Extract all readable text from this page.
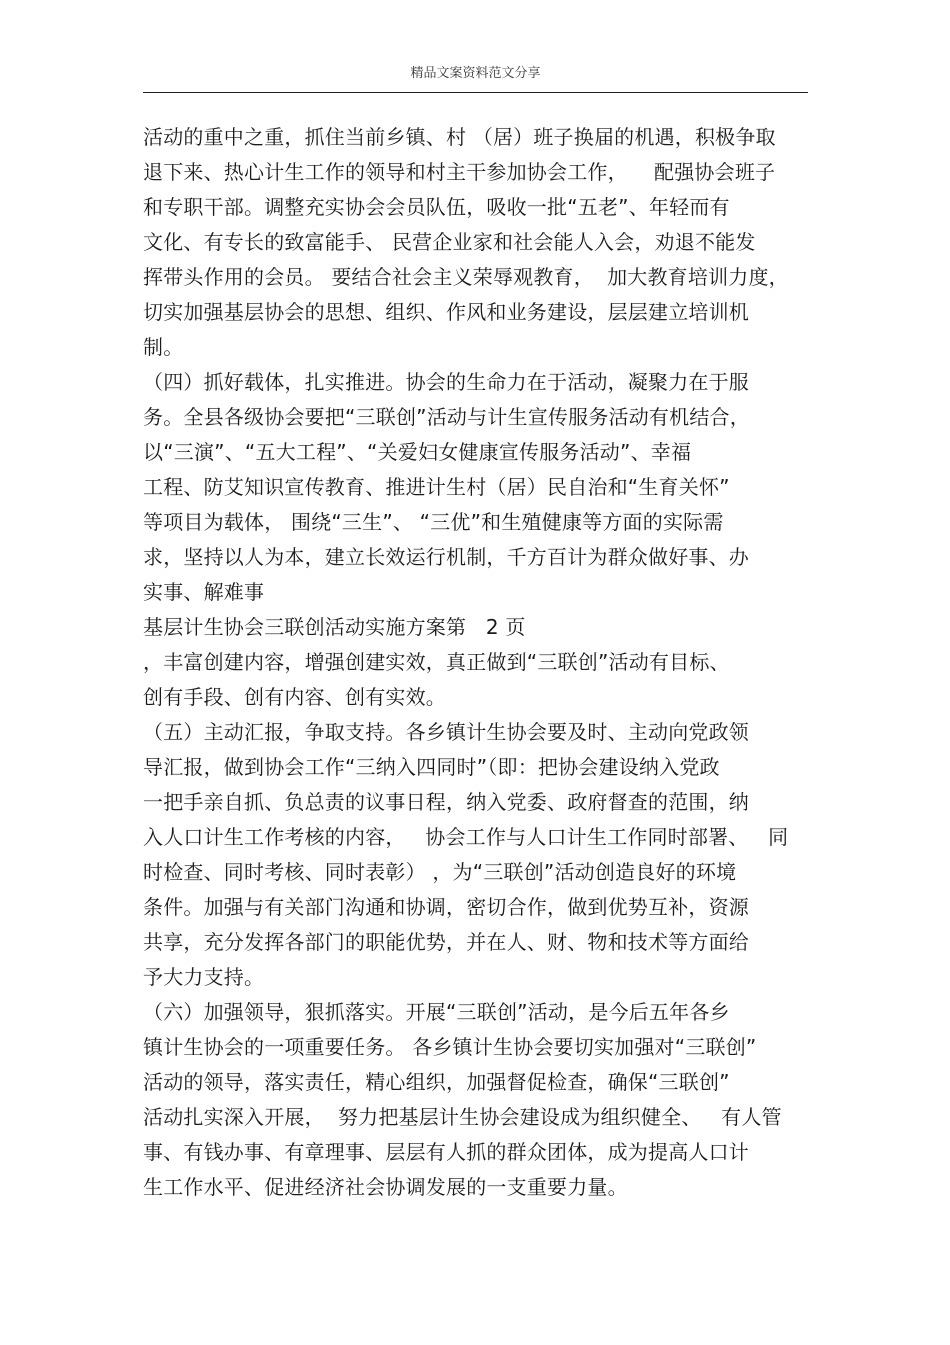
精品文案资料范文分享
活动的重中之重，抓住当前乡镇、村 （居）班子换届的机遇，积极争取
退下来、热心计生工作的领导和村主干参加协会工作，    配强协会班子
和专职干部。调整充实协会会员队伍，吸收一批“五老”、年轻而有
文化、有专长的致富能手、 民营企业家和社会能人入会，劝退不能发
挥带头作用的会员。 要结合社会主义荣辱观教育，  加大教育培训力度，
切实加强基层协会的思想、组织、作风和业务建设，层层建立培训机
制。
（四）抓好载体，扎实推进。协会的生命力在于活动，凝聚力在于服
务。全县各级协会要把“三联创”活动与计生宣传服务活动有机结合，
以“三演”、“五大工程”、“关爱妇女健康宣传服务活动”、幸福
工程、防艾知识宣传教育、推进计生村（居）民自治和“生育关怀”
等项目为载体， 围绕“三生”、 “三优”和生殖健康等方面的实际需
求，坚持以人为本，建立长效运行机制，千方百计为群众做好事、办
实事、解难事
基层计生协会三联创活动实施方案第   2 页
，丰富创建内容，增强创建实效，真正做到“三联创”活动有目标、
创有手段、创有内容、创有实效。
（五）主动汇报，争取支持。各乡镇计生协会要及时、主动向党政领
导汇报，做到协会工作“三纳入四同时”（即：把协会建设纳入党政
一把手亲自抓、负总责的议事日程，纳入党委、政府督查的范围，纳
入人口计生工作考核的内容，   协会工作与人口计生工作同时部署、   同
时检查、同时考核、同时表彰） ，为“三联创”活动创造良好的环境
条件。加强与有关部门沟通和协调，密切合作，做到优势互补，资源
共享，充分发挥各部门的职能优势，并在人、财、物和技术等方面给
予大力支持。
（六）加强领导，狠抓落实。开展“三联创”活动，是今后五年各乡
镇计生协会的一项重要任务。 各乡镇计生协会要切实加强对“三联创”
活动的领导，落实责任，精心组织，加强督促检查，确保“三联创”
活动扎实深入开展，  努力把基层计生协会建设成为组织健全、   有人管
事、有钱办事、有章理事、层层有人抓的群众团体，成为提高人口计
生工作水平、促进经济社会协调发展的一支重要力量。
